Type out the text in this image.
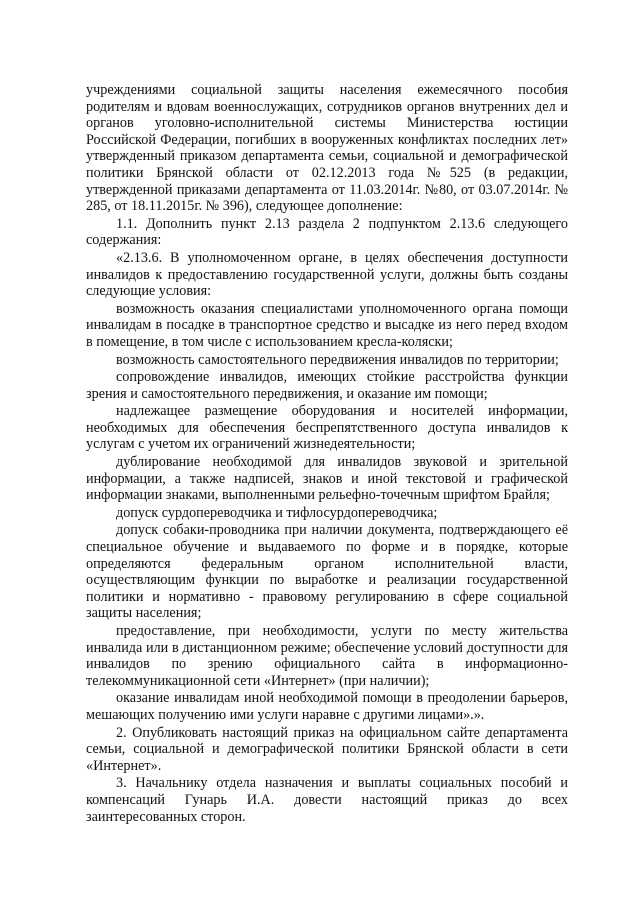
учреждениями социальной защиты населения ежемесячного пособия родителям и вдовам военнослужащих, сотрудников органов внутренних дел и органов уголовно-исполнительной системы Министерства юстиции Российской Федерации, погибших в вооруженных конфликтах последних лет» утвержденный приказом департамента семьи, социальной и демографической политики Брянской области от 02.12.2013 года №525 (в редакции, утвержденной приказами департамента от 11.03.2014г. №80, от 03.07.2014г. № 285, от 18.11.2015г. № 396), следующее дополнение:

1.1. Дополнить пункт 2.13 раздела 2 подпунктом 2.13.6 следующего содержания:

«2.13.6. В уполномоченном органе, в целях обеспечения доступности инвалидов к предоставлению государственной услуги, должны быть созданы следующие условия:

возможность оказания специалистами уполномоченного органа помощи инвалидам в посадке в транспортное средство и высадке из него перед входом в помещение, в том числе с использованием кресла-коляски;

возможность самостоятельного передвижения инвалидов по территории;

сопровождение инвалидов, имеющих стойкие расстройства функции зрения и самостоятельного передвижения, и оказание им помощи;

надлежащее размещение оборудования и носителей информации, необходимых для обеспечения беспрепятственного доступа инвалидов к услугам с учетом их ограничений жизнедеятельности;

дублирование необходимой для инвалидов звуковой и зрительной информации, а также надписей, знаков и иной текстовой и графической информации знаками, выполненными рельефно-точечным шрифтом Брайля;

допуск сурдопереводчика и тифлосурдопереводчика;

допуск собаки-проводника при наличии документа, подтверждающего её специальное обучение и выдаваемого по форме и в порядке, которые определяются федеральным органом исполнительной власти, осуществляющим функции по выработке и реализации государственной политики и нормативно - правовому регулированию в сфере социальной защиты населения;

предоставление, при необходимости, услуги по месту жительства инвалида или в дистанционном режиме; обеспечение условий доступности для инвалидов по зрению официального сайта в информационно-телекоммуникационной сети «Интернет» (при наличии);

оказание инвалидам иной необходимой помощи в преодолении барьеров, мешающих получению ими услуги наравне с другими лицами».».

2. Опубликовать настоящий приказ на официальном сайте департамента семьи, социальной и демографической политики Брянской области в сети «Интернет».

3. Начальнику отдела назначения и выплаты социальных пособий и компенсаций Гунарь И.А. довести настоящий приказ до всех заинтересованных сторон.
